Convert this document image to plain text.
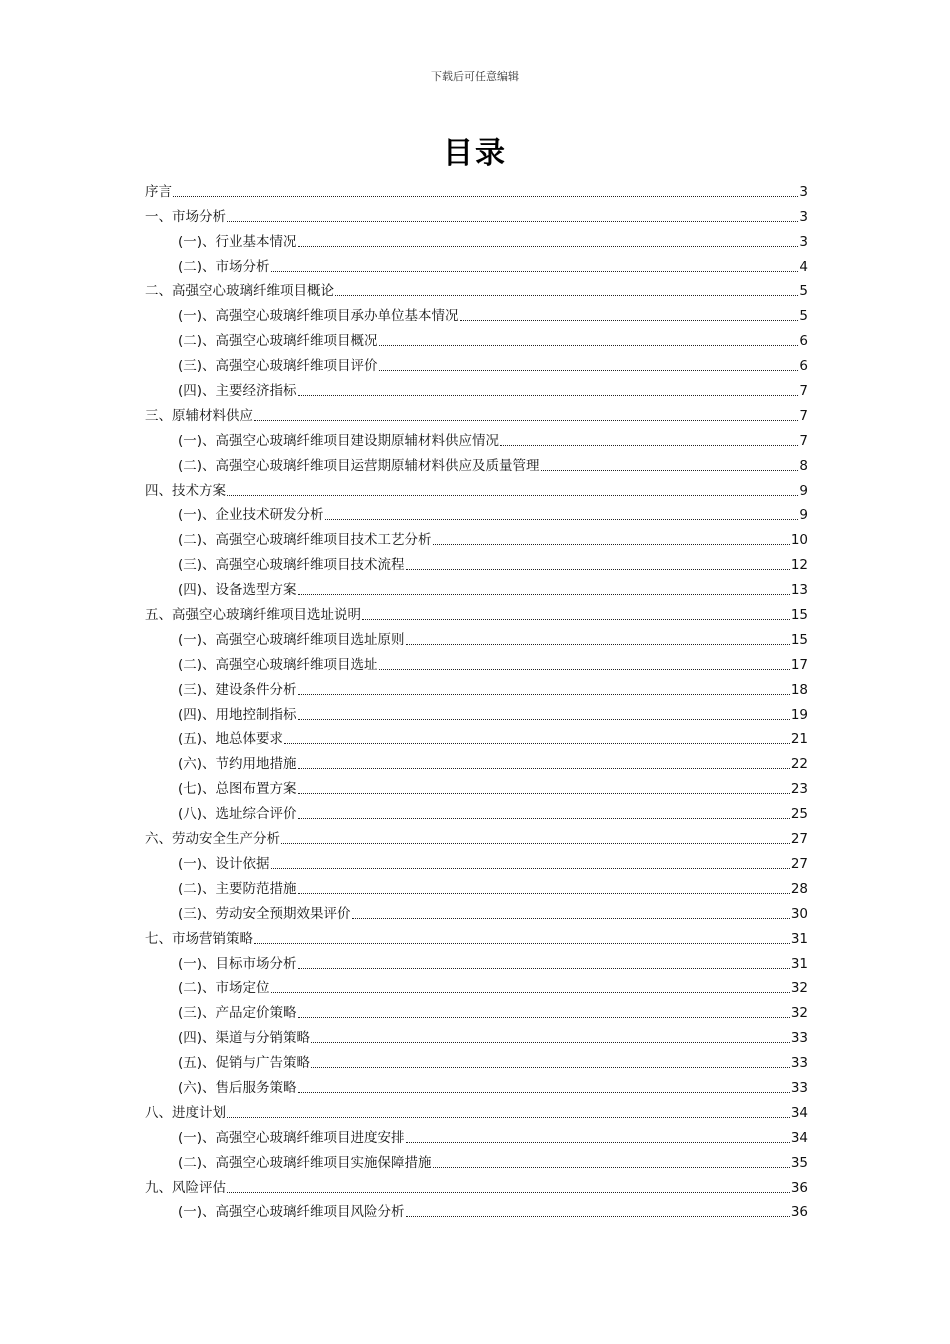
下载后可任意编辑
目录
序言	3
一、市场分析	3
(一)、行业基本情况	3
(二)、市场分析	4
二、高强空心玻璃纤维项目概论	5
(一)、高强空心玻璃纤维项目承办单位基本情况	5
(二)、高强空心玻璃纤维项目概况	6
(三)、高强空心玻璃纤维项目评价	6
(四)、主要经济指标	7
三、原辅材料供应	7
(一)、高强空心玻璃纤维项目建设期原辅材料供应情况	7
(二)、高强空心玻璃纤维项目运营期原辅材料供应及质量管理	8
四、技术方案	9
(一)、企业技术研发分析	9
(二)、高强空心玻璃纤维项目技术工艺分析	10
(三)、高强空心玻璃纤维项目技术流程	12
(四)、设备选型方案	13
五、高强空心玻璃纤维项目选址说明	15
(一)、高强空心玻璃纤维项目选址原则	15
(二)、高强空心玻璃纤维项目选址	17
(三)、建设条件分析	18
(四)、用地控制指标	19
(五)、地总体要求	21
(六)、节约用地措施	22
(七)、总图布置方案	23
(八)、选址综合评价	25
六、劳动安全生产分析	27
(一)、设计依据	27
(二)、主要防范措施	28
(三)、劳动安全预期效果评价	30
七、市场营销策略	31
(一)、目标市场分析	31
(二)、市场定位	32
(三)、产品定价策略	32
(四)、渠道与分销策略	33
(五)、促销与广告策略	33
(六)、售后服务策略	33
八、进度计划	34
(一)、高强空心玻璃纤维项目进度安排	34
(二)、高强空心玻璃纤维项目实施保障措施	35
九、风险评估	36
(一)、高强空心玻璃纤维项目风险分析	36
